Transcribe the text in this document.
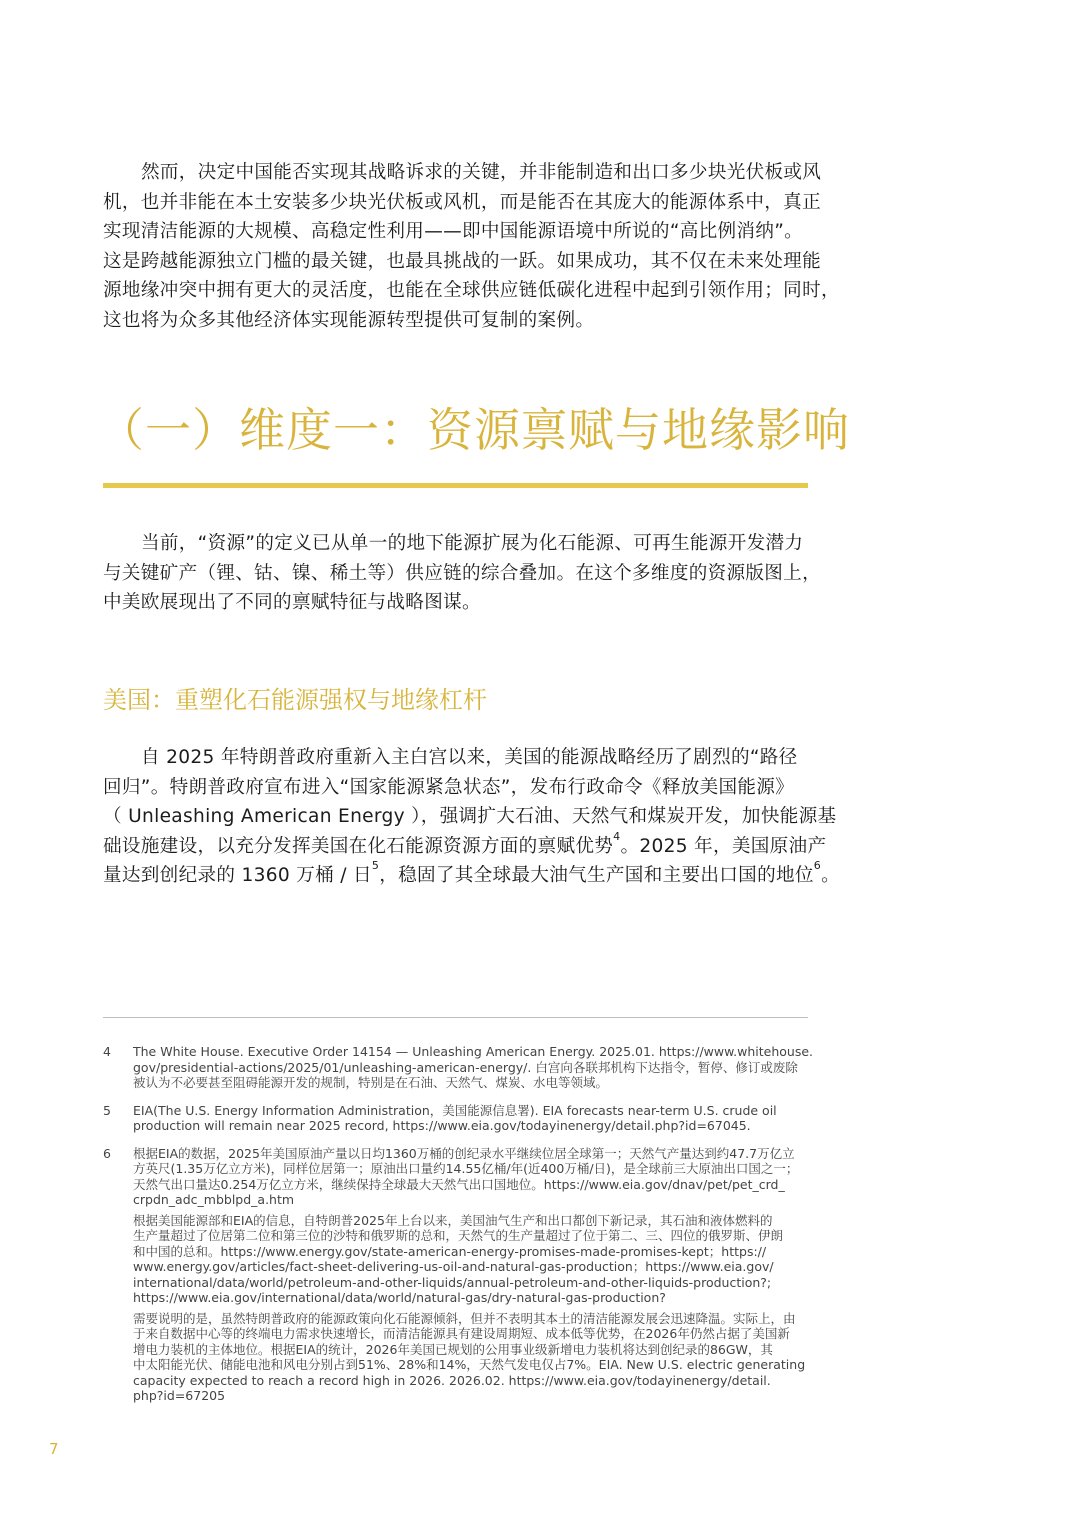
然而，决定中国能否实现其战略诉求的关键，并非能制造和出口多少块光伏板或风
机，也并非能在本土安装多少块光伏板或风机，而是能否在其庞大的能源体系中，真正
实现清洁能源的大规模、高稳定性利用——即中国能源语境中所说的“高比例消纳”。
这是跨越能源独立门槛的最关键，也最具挑战的一跃。如果成功，其不仅在未来处理能
源地缘冲突中拥有更大的灵活度，也能在全球供应链低碳化进程中起到引领作用；同时，
这也将为众多其他经济体实现能源转型提供可复制的案例。

（一）维度一：资源禀赋与地缘影响

当前，“资源”的定义已从单一的地下能源扩展为化石能源、可再生能源开发潜力
与关键矿产（锂、钴、镍、稀土等）供应链的综合叠加。在这个多维度的资源版图上，
中美欧展现出了不同的禀赋特征与战略图谋。

美国：重塑化石能源强权与地缘杠杆

自 2025 年特朗普政府重新入主白宫以来，美国的能源战略经历了剧烈的“路径
回归”。特朗普政府宣布进入“国家能源紧急状态”，发布行政命令《释放美国能源》
（ Unleashing American Energy ），强调扩大石油、天然气和煤炭开发，加快能源基
础设施建设，以充分发挥美国在化石能源资源方面的禀赋优势$^4$。2025 年，美国原油产
量达到创纪录的 1360 万桶 / 日$^5$，稳固了其全球最大油气生产国和主要出口国的地位$^6$。

4	The White House. Executive Order 14154 — Unleashing American Energy. 2025.01. https://www.whitehouse.
gov/presidential-actions/2025/01/unleashing-american-energy/. 白宫向各联邦机构下达指令，暂停、修订或废除
被认为不必要甚至阻碍能源开发的规制，特别是在石油、天然气、煤炭、水电等领域。
5	EIA(The U.S. Energy Information Administration，美国能源信息署). EIA forecasts near-term U.S. crude oil
production will remain near 2025 record, https://www.eia.gov/todayinenergy/detail.php?id=67045.
6	根据EIA的数据，2025年美国原油产量以日均1360万桶的创纪录水平继续位居全球第一；天然气产量达到约47.7万亿立
方英尺(1.35万亿立方米)，同样位居第一；原油出口量约14.55亿桶/年(近400万桶/日)，是全球前三大原油出口国之一；
天然气出口量达0.254万亿立方米，继续保持全球最大天然气出口国地位。https://www.eia.gov/dnav/pet/pet_crd_
crpdn_adc_mbblpd_a.htm
根据美国能源部和EIA的信息，自特朗普2025年上台以来，美国油气生产和出口都创下新记录，其石油和液体燃料的
生产量超过了位居第二位和第三位的沙特和俄罗斯的总和，天然气的生产量超过了位于第二、三、四位的俄罗斯、伊朗
和中国的总和。https://www.energy.gov/state-american-energy-promises-made-promises-kept；https://
www.energy.gov/articles/fact-sheet-delivering-us-oil-and-natural-gas-production；https://www.eia.gov/
international/data/world/petroleum-and-other-liquids/annual-petroleum-and-other-liquids-production?;
https://www.eia.gov/international/data/world/natural-gas/dry-natural-gas-production?
需要说明的是，虽然特朗普政府的能源政策向化石能源倾斜，但并不表明其本土的清洁能源发展会迅速降温。实际上，由
于来自数据中心等的终端电力需求快速增长，而清洁能源具有建设周期短、成本低等优势，在2026年仍然占据了美国新
增电力装机的主体地位。根据EIA的统计，2026年美国已规划的公用事业级新增电力装机将达到创纪录的86GW，其
中太阳能光伏、储能电池和风电分别占到51%、28%和14%，天然气发电仅占7%。EIA. New U.S. electric generating
capacity expected to reach a record high in 2026. 2026.02. https://www.eia.gov/todayinenergy/detail.
php?id=67205

7
